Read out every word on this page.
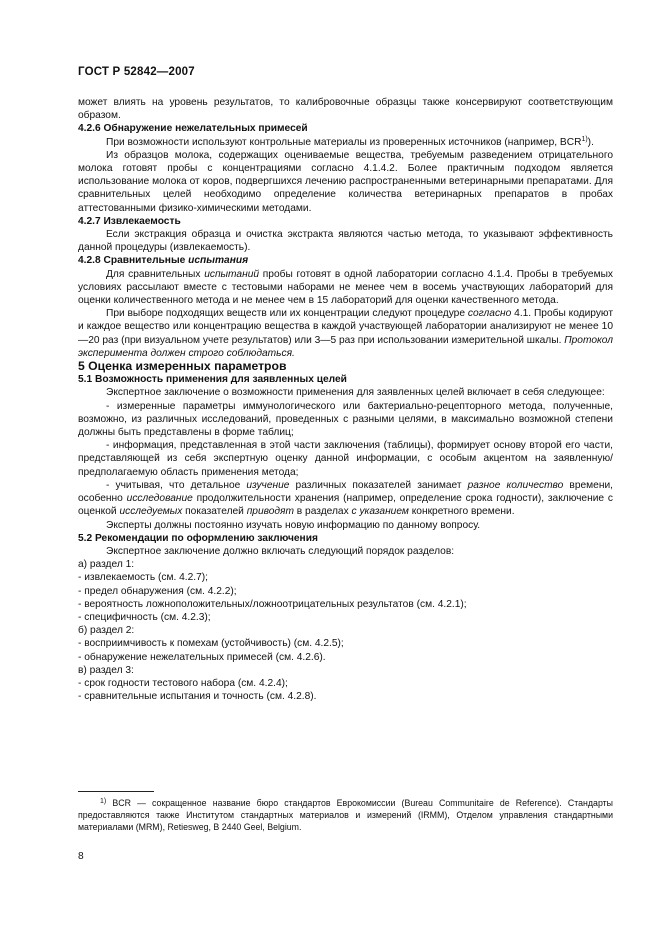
ГОСТ Р 52842—2007

может влиять на уровень результатов, то калибровочные образцы также консервируют соответствующим образом.

4.2.6 Обнаружение нежелательных примесей

При возможности используют контрольные материалы из проверенных источников (например, BCR$^{1)}$).

Из образцов молока, содержащих оцениваемые вещества, требуемым разведением отрицательного молока готовят пробы с концентрациями согласно 4.1.4.2. Более практичным подходом является использование молока от коров, подвергшихся лечению распространенными ветеринарными препаратами. Для сравнительных целей необходимо определение количества ветеринарных препаратов в пробах аттестованными физико-химическими методами.

4.2.7 Извлекаемость

Если экстракция образца и очистка экстракта являются частью метода, то указывают эффективность данной процедуры (извлекаемость).

4.2.8 Сравнительные испытания

Для сравнительных испытаний пробы готовят в одной лаборатории согласно 4.1.4. Пробы в требуемых условиях рассылают вместе с тестовыми наборами не менее чем в восемь участвующих лабораторий для оценки количественного метода и не менее чем в 15 лабораторий для оценки качественного метода.

При выборе подходящих веществ или их концентрации следуют процедуре согласно 4.1. Пробы кодируют и каждое вещество или концентрацию вещества в каждой участвующей лаборатории анализируют не менее 10—20 раз (при визуальном учете результатов) или 3—5 раз при использовании измерительной шкалы. Протокол эксперимента должен строго соблюдаться.

5 Оценка измеренных параметров

5.1 Возможность применения для заявленных целей

Экспертное заключение о возможности применения для заявленных целей включает в себя следующее:

- измеренные параметры иммунологического или бактериально-рецепторного метода, полученные, возможно, из различных исследований, проведенных с разными целями, в максимально возможной степени должны быть представлены в форме таблиц;

- информация, представленная в этой части заключения (таблицы), формирует основу второй его части, представляющей из себя экспертную оценку данной информации, с особым акцентом на заявленную/ предполагаемую область применения метода;

- учитывая, что детальное изучение различных показателей занимает разное количество времени, особенно исследование продолжительности хранения (например, определение срока годности), заключение с оценкой исследуемых показателей приводят в разделах с указанием конкретного времени.

Эксперты должны постоянно изучать новую информацию по данному вопросу.

5.2 Рекомендации по оформлению заключения

Экспертное заключение должно включать следующий порядок разделов:

а) раздел 1:

- извлекаемость (см. 4.2.7);

- предел обнаружения (см. 4.2.2);

- вероятность ложноположительных/ложноотрицательных результатов (см. 4.2.1);

- специфичность (см. 4.2.3);

б) раздел 2:

- восприимчивость к помехам (устойчивость) (см. 4.2.5);

- обнаружение нежелательных примесей (см. 4.2.6).

в) раздел 3:

- срок годности тестового набора (см. 4.2.4);

- сравнительные испытания и точность (см. 4.2.8).

$^{1)}$ BCR — сокращенное название бюро стандартов Еврокомиссии (Bureau Communitaire de Reference). Стандарты предоставляются также Институтом стандартных материалов и измерений (IRMM), Отделом управления стандартными материалами (MRM), Retiesweg, B 2440 Geel, Belgium.

8
